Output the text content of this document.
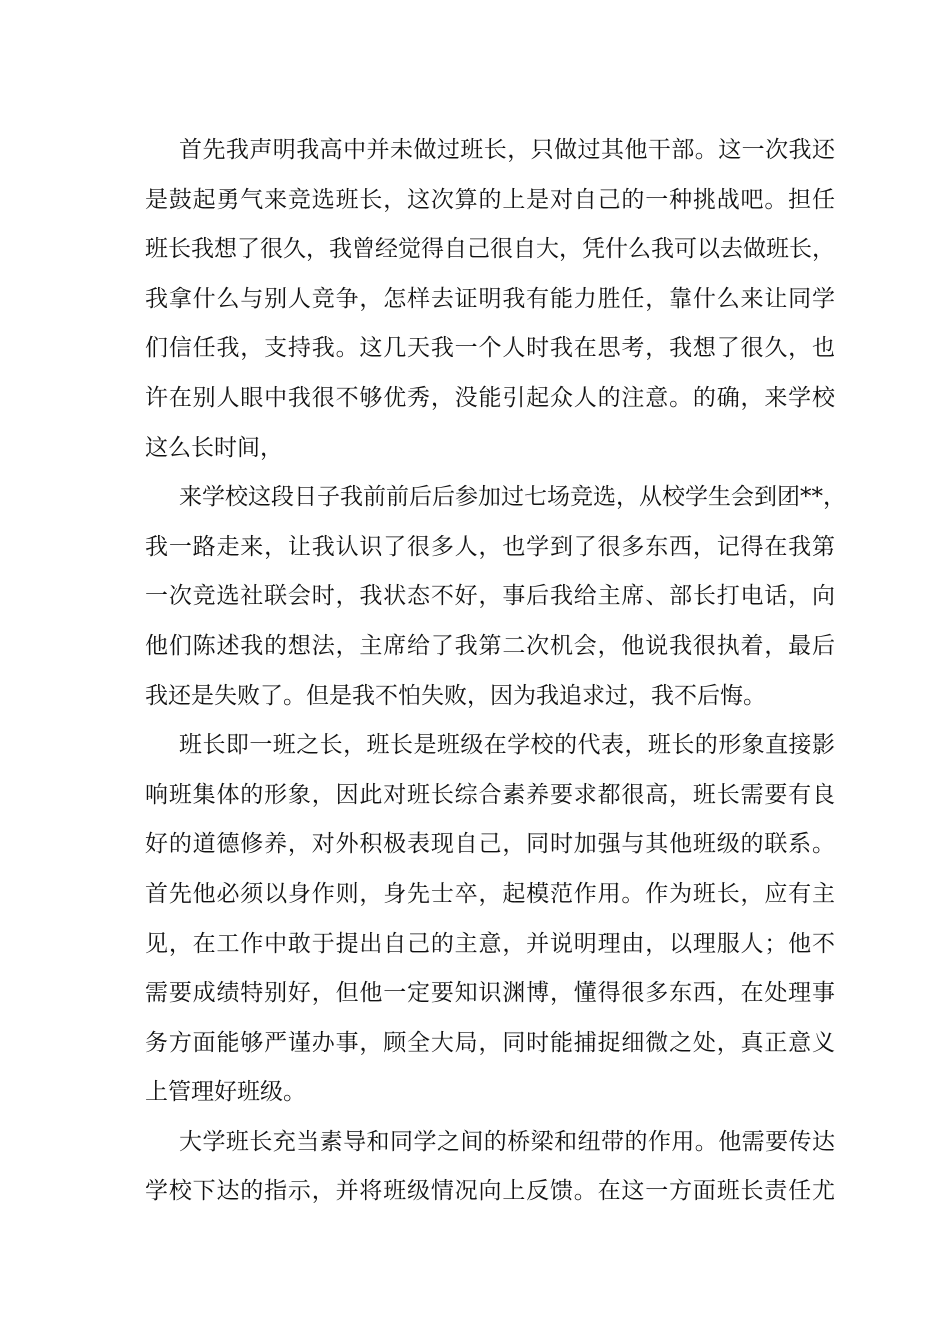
首先我声明我高中并未做过班长，只做过其他干部。这一次我还
是鼓起勇气来竞选班长，这次算的上是对自己的一种挑战吧。担任
班长我想了很久，我曾经觉得自己很自大，凭什么我可以去做班长，
我拿什么与别人竞争，怎样去证明我有能力胜任，靠什么来让同学
们信任我，支持我。这几天我一个人时我在思考，我想了很久，也
许在别人眼中我很不够优秀，没能引起众人的注意。的确，来学校
这么长时间，
来学校这段日子我前前后后参加过七场竞选，从校学生会到团**，
我一路走来，让我认识了很多人，也学到了很多东西，记得在我第
一次竞选社联会时，我状态不好，事后我给主席、部长打电话，向
他们陈述我的想法，主席给了我第二次机会，他说我很执着，最后
我还是失败了。但是我不怕失败，因为我追求过，我不后悔。
班长即一班之长，班长是班级在学校的代表，班长的形象直接影
响班集体的形象，因此对班长综合素养要求都很高，班长需要有良
好的道德修养，对外积极表现自己，同时加强与其他班级的联系。
首先他必须以身作则，身先士卒，起模范作用。作为班长，应有主
见，在工作中敢于提出自己的主意，并说明理由，以理服人；他不
需要成绩特别好，但他一定要知识渊博，懂得很多东西，在处理事
务方面能够严谨办事，顾全大局，同时能捕捉细微之处，真正意义
上管理好班级。
大学班长充当素导和同学之间的桥梁和纽带的作用。他需要传达
学校下达的指示，并将班级情况向上反馈。在这一方面班长责任尤
